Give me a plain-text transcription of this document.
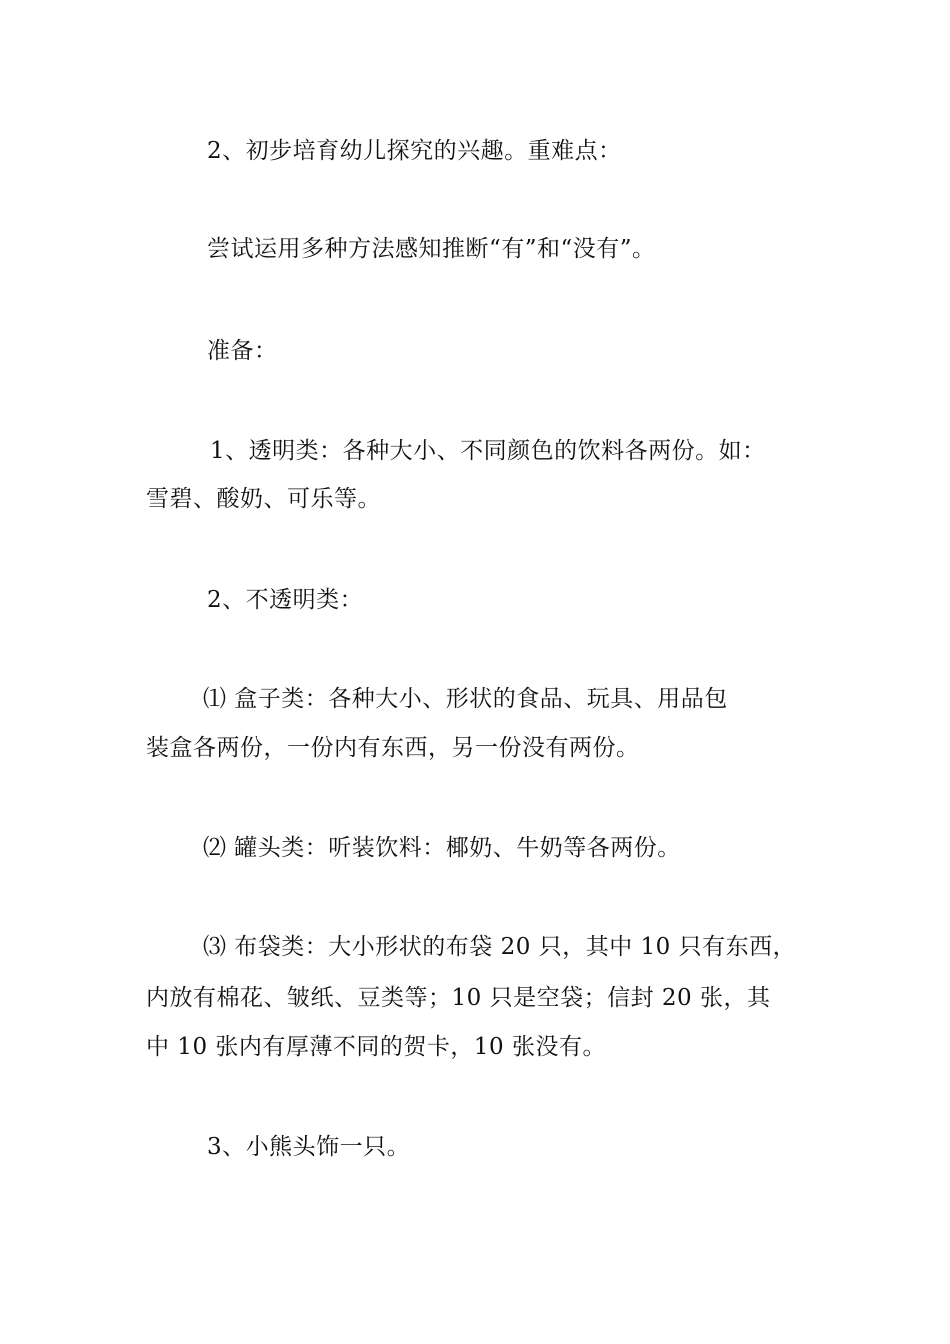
2、初步培育幼儿探究的兴趣。重难点：
尝试运用多种方法感知推断“有”和“没有”。
准备：
1、透明类：各种大小、不同颜色的饮料各两份。如：
雪碧、酸奶、可乐等。
2、不透明类：
⑴ 盒子类：各种大小、形状的食品、玩具、用品包
装盒各两份，一份内有东西，另一份没有两份。
⑵ 罐头类：听装饮料：椰奶、牛奶等各两份。
⑶ 布袋类：大小形状的布袋 20 只，其中 10 只有东西，
内放有棉花、皱纸、豆类等；10 只是空袋；信封 20 张，其
中 10 张内有厚薄不同的贺卡，10 张没有。
3、小熊头饰一只。
